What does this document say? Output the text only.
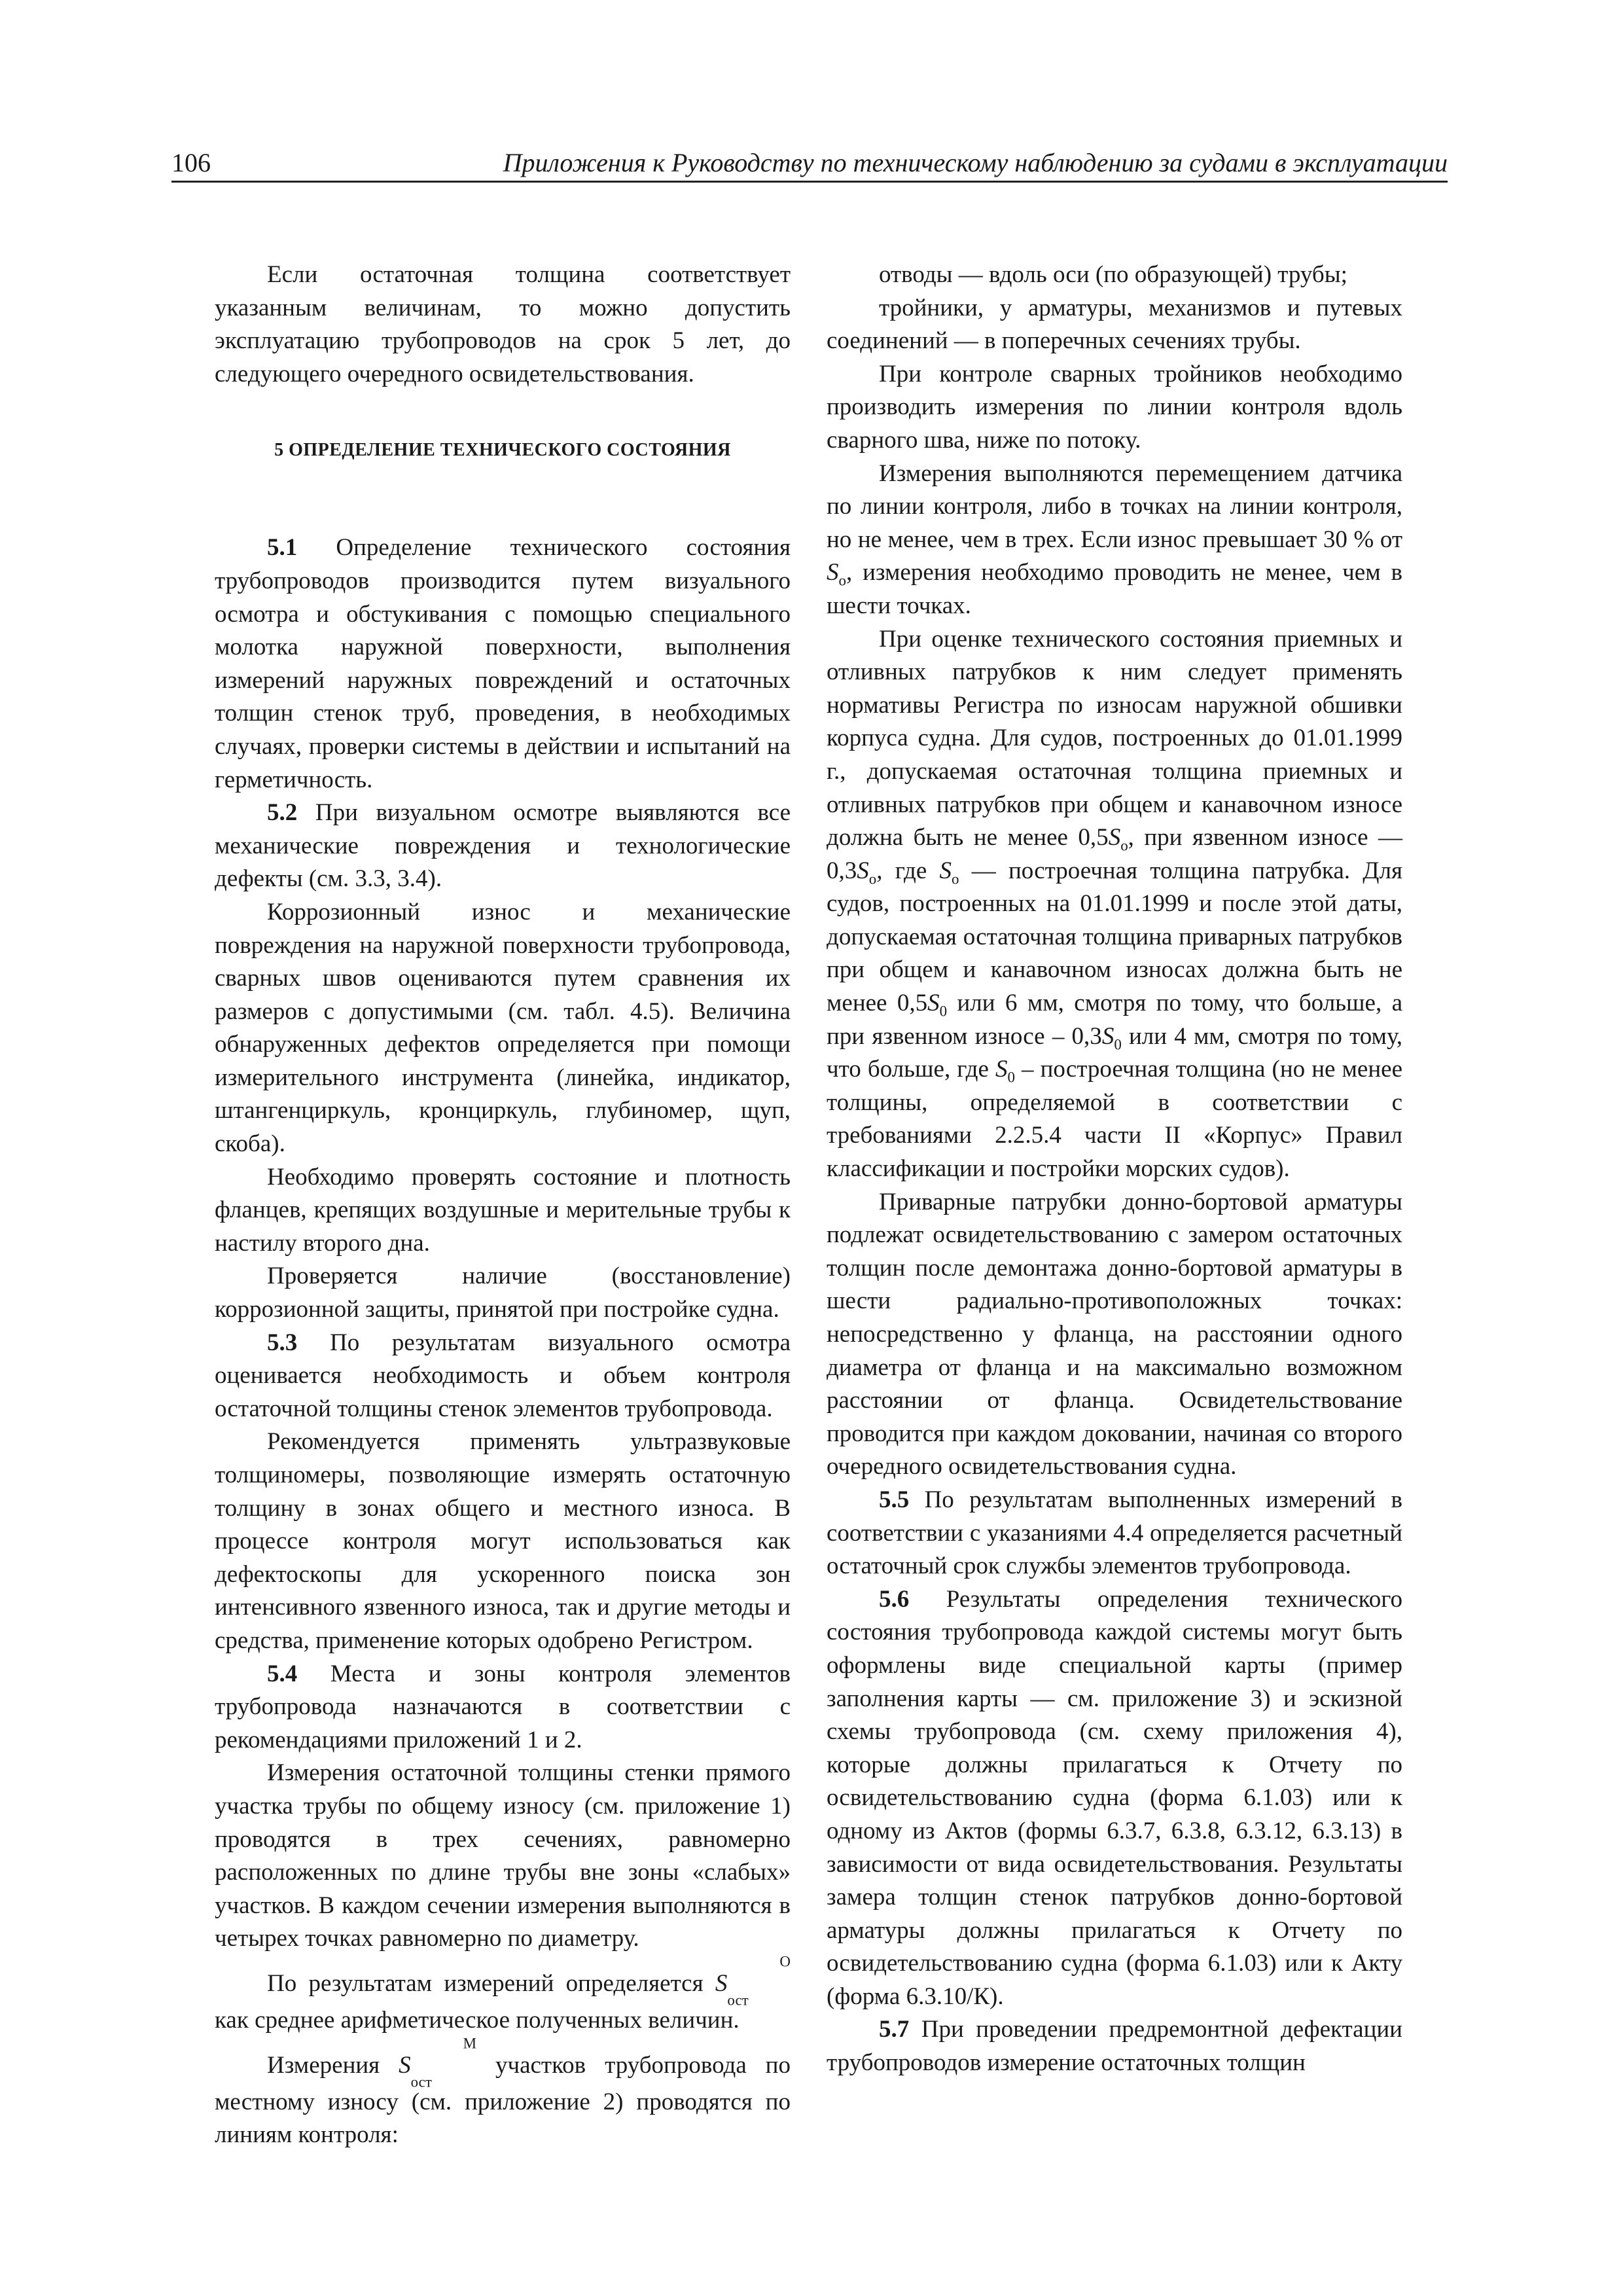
106	Приложения к Руководству по техническому наблюдению за судами в эксплуатации

Если остаточная толщина соответствует указанным величинам, то можно допустить эксплуатацию трубопроводов на срок 5 лет, до следующего очередного освидетельствования.

5 ОПРЕДЕЛЕНИЕ ТЕХНИЧЕСКОГО СОСТОЯНИЯ

5.1 Определение технического состояния трубопроводов производится путем визуального осмотра и обстукивания с помощью специального молотка наружной поверхности, выполнения измерений наружных повреждений и остаточных толщин стенок труб, проведения, в необходимых случаях, проверки системы в действии и испытаний на герметичность.

5.2 При визуальном осмотре выявляются все механические повреждения и технологические дефекты (см. 3.3, 3.4).

Коррозионный износ и механические повреждения на наружной поверхности трубопровода, сварных швов оцениваются путем сравнения их размеров с допустимыми (см. табл. 4.5). Величина обнаруженных дефектов определяется при помощи измерительного инструмента (линейка, индикатор, штангенциркуль, кронциркуль, глубиномер, щуп, скоба).

Необходимо проверять состояние и плотность фланцев, крепящих воздушные и мерительные трубы к настилу второго дна.

Проверяется наличие (восстановление) коррозионной защиты, принятой при постройке судна.

5.3 По результатам визуального осмотра оценивается необходимость и объем контроля остаточной толщины стенок элементов трубопровода.

Рекомендуется применять ультразвуковые толщиномеры, позволяющие измерять остаточную толщину в зонах общего и местного износа. В процессе контроля могут использоваться как дефектоскопы для ускоренного поиска зон интенсивного язвенного износа, так и другие методы и средства, применение которых одобрено Регистром.

5.4 Места и зоны контроля элементов трубопровода назначаются в соответствии с рекомендациями приложений 1 и 2.

Измерения остаточной толщины стенки прямого участка трубы по общему износу (см. приложение 1) проводятся в трех сечениях, равномерно расположенных по длине трубы вне зоны «слабых» участков. В каждом сечении измерения выполняются в четырех точках равномерно по диаметру.

По результатам измерений определяется $S^О$
$_{ост}$ как среднее арифметическое полученных величин.

Измерения $S^М$
$_{ост}$ участков трубопровода по местному износу (см. приложение 2) проводятся по линиям контроля:

отводы — вдоль оси (по образующей) трубы;

тройники, у арматуры, механизмов и путевых соединений — в поперечных сечениях трубы.

При контроле сварных тройников необходимо производить измерения по линии контроля вдоль сварного шва, ниже по потоку.

Измерения выполняются перемещением датчика по линии контроля, либо в точках на линии контроля, но не менее, чем в трех. Если износ превышает 30 % от $S_о$, измерения необходимо проводить не менее, чем в шести точках.

При оценке технического состояния приемных и отливных патрубков к ним следует применять нормативы Регистра по износам наружной обшивки корпуса судна. Для судов, построенных до 01.01.1999 г., допускаемая остаточная толщина приемных и отливных патрубков при общем и канавочном износе должна быть не менее $0,5S_о$, при язвенном износе — $0,3S_о$, где $S_о$ — построечная толщина патрубка. Для судов, построенных на 01.01.1999 и после этой даты, допускаемая остаточная толщина приварных патрубков при общем и канавочном износах должна быть не менее $0,5S_0$ или 6 мм, смотря по тому, что больше, а при язвенном износе – $0,3S_0$ или 4 мм, смотря по тому, что больше, где $S_0$ – построечная толщина (но не менее толщины, определяемой в соответствии с требованиями 2.2.5.4 части II «Корпус» Правил классификации и постройки морских судов).

Приварные патрубки донно-бортовой арматуры подлежат освидетельствованию с замером остаточных толщин после демонтажа донно-бортовой арматуры в шести радиально-противоположных точках: непосредственно у фланца, на расстоянии одного диаметра от фланца и на максимально возможном расстоянии от фланца. Освидетельствование проводится при каждом доковании, начиная со второго очередного освидетельствования судна.

5.5 По результатам выполненных измерений в соответствии с указаниями 4.4 определяется расчетный остаточный срок службы элементов трубопровода.

5.6 Результаты определения технического состояния трубопровода каждой системы могут быть оформлены виде специальной карты (пример заполнения карты — см. приложение 3) и эскизной схемы трубопровода (см. схему приложения 4), которые должны прилагаться к Отчету по освидетельствованию судна (форма 6.1.03) или к одному из Актов (формы 6.3.7, 6.3.8, 6.3.12, 6.3.13) в зависимости от вида освидетельствования. Результаты замера толщин стенок патрубков донно-бортовой арматуры должны прилагаться к Отчету по освидетельствованию судна (форма 6.1.03) или к Акту (форма 6.3.10/К).

5.7 При проведении предремонтной дефектации трубопроводов измерение остаточных толщин
